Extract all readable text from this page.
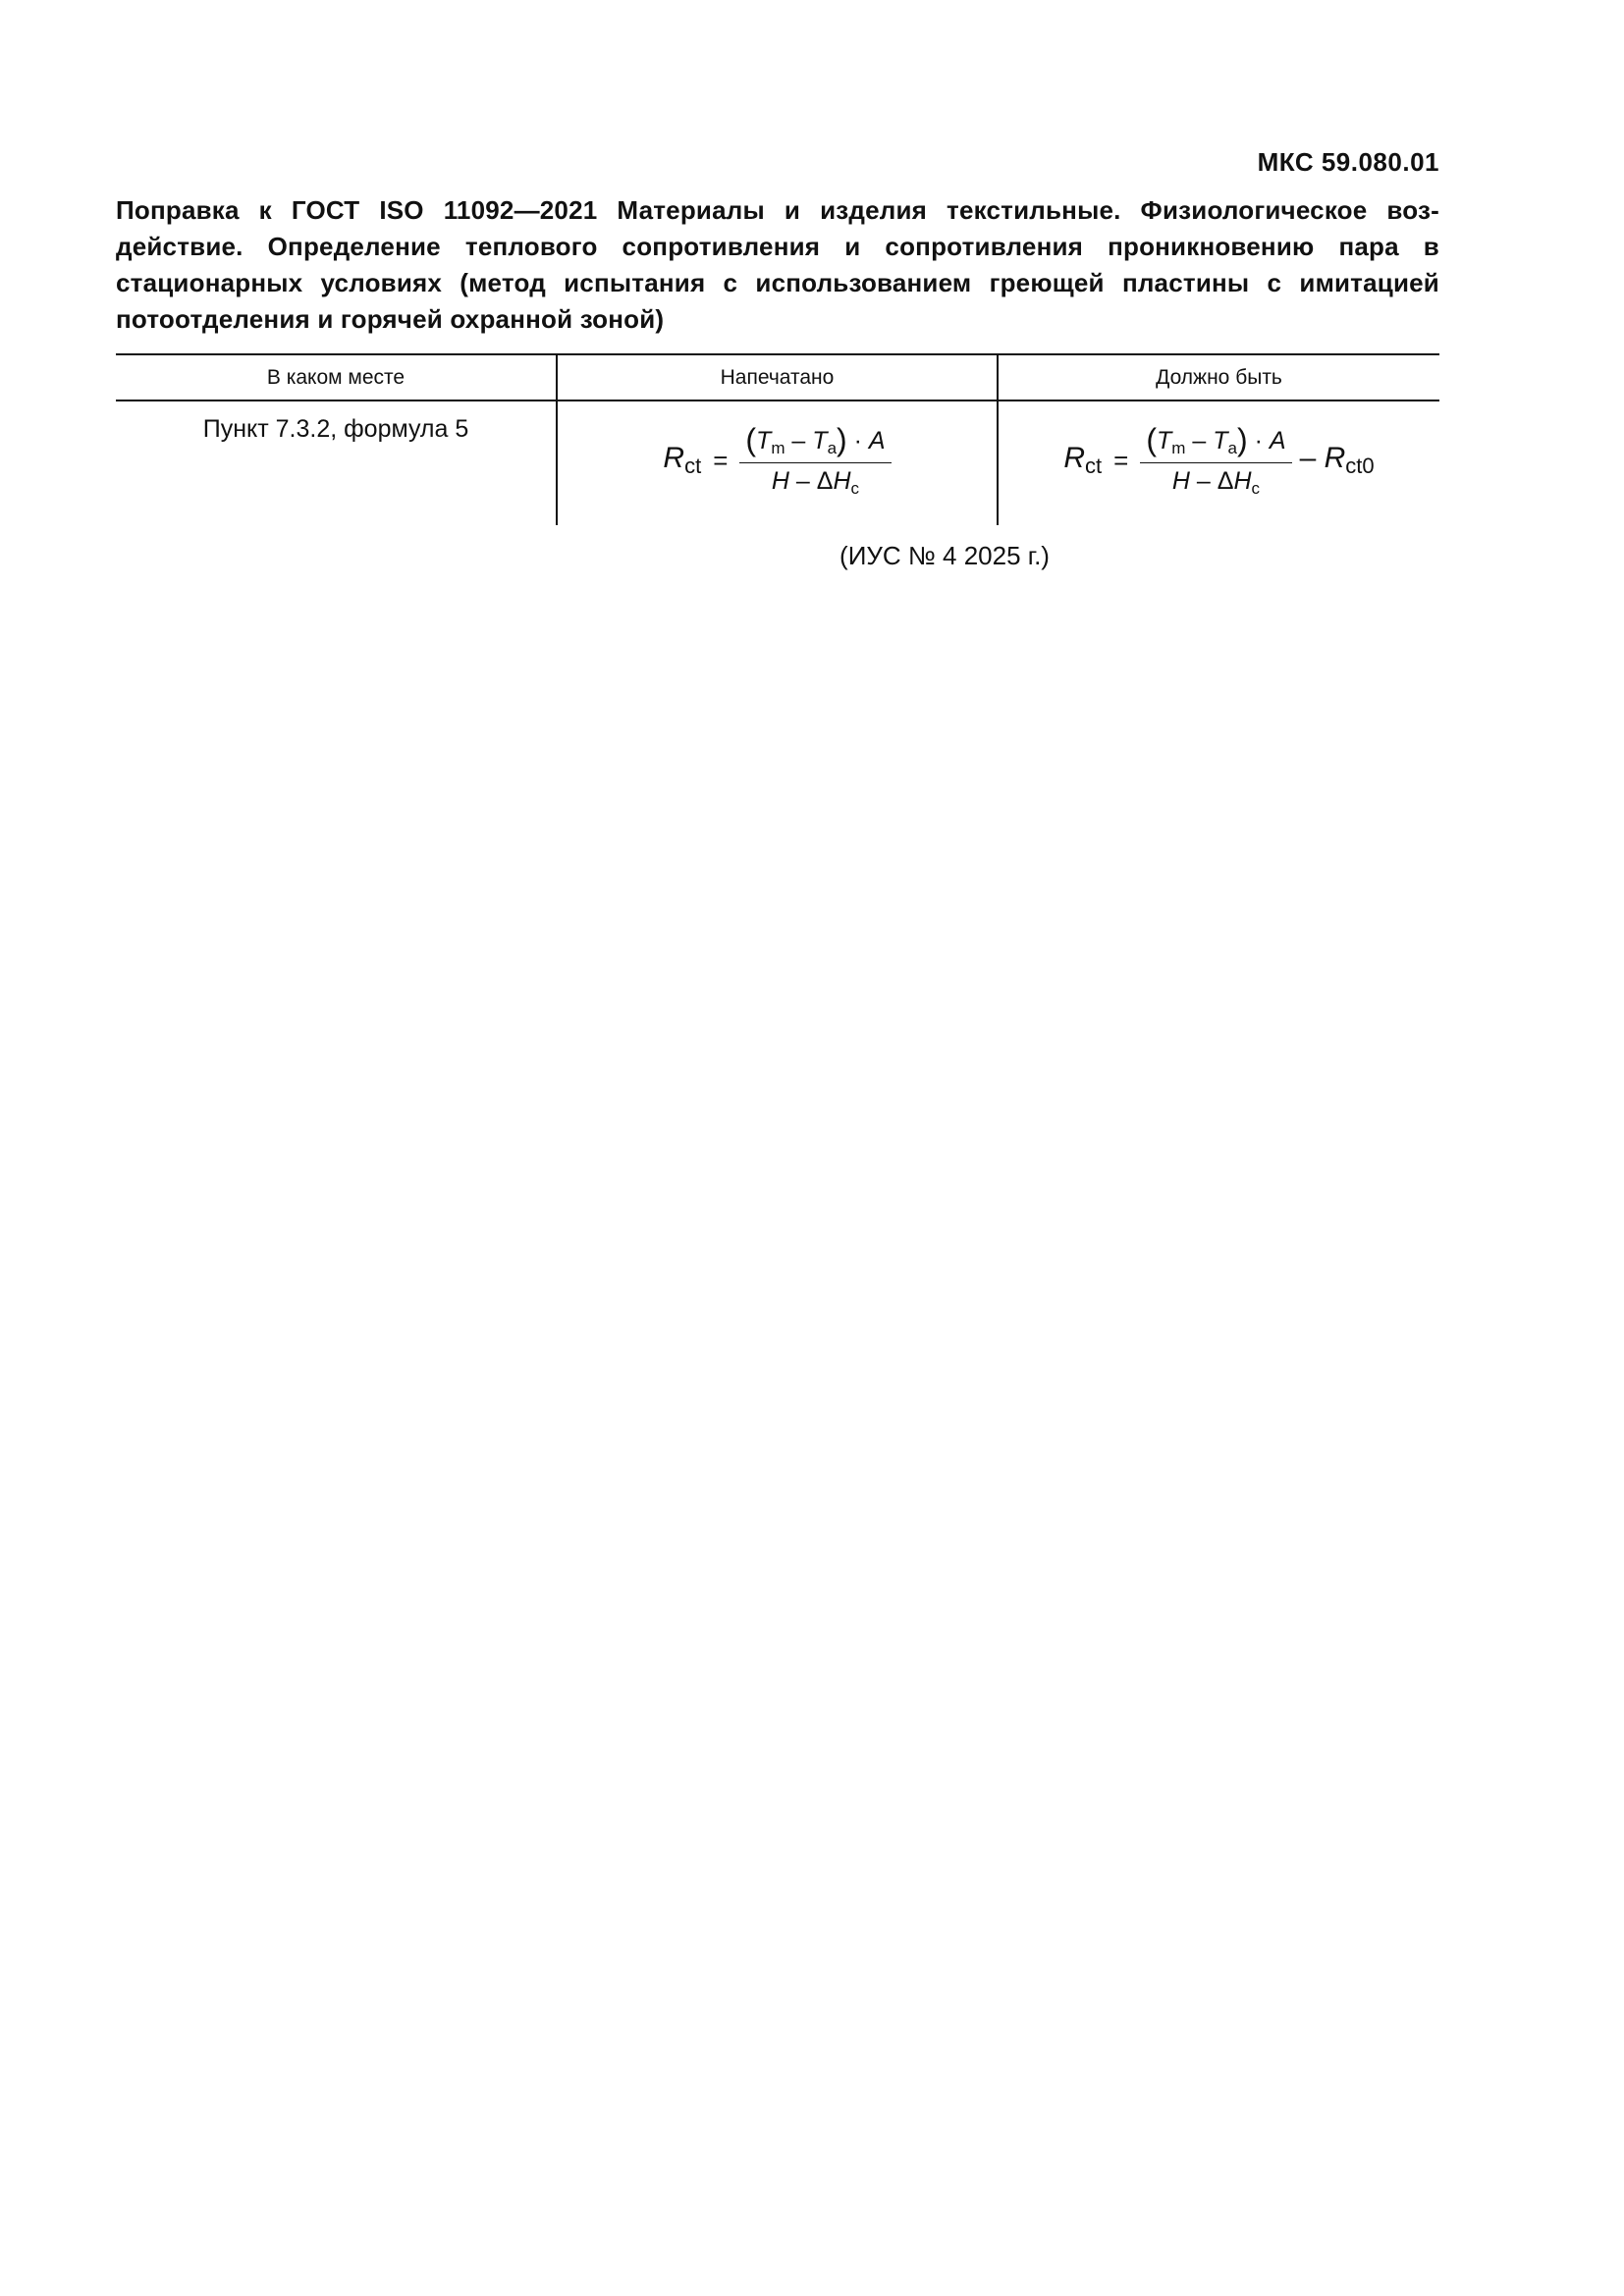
МКС 59.080.01
Поправка к ГОСТ ISO 11092—2021 Материалы и изделия текстильные. Физиологическое воз-действие. Определение теплового сопротивления и сопротивления проникновению пара в стационарных условиях (метод испытания с использованием греющей пластины с имитацией потоотделения и горячей охранной зоной)
В каком месте	Напечатано	Должно быть
Пункт 7.3.2, формула 5	$R_{ct} = \frac{(T_m - T_a) \cdot A}{H - \Delta H_c}$	$R_{ct} = \frac{(T_m - T_a) \cdot A}{H - \Delta H_c} - R_{ct0}$
(ИУС № 4 2025 г.)
